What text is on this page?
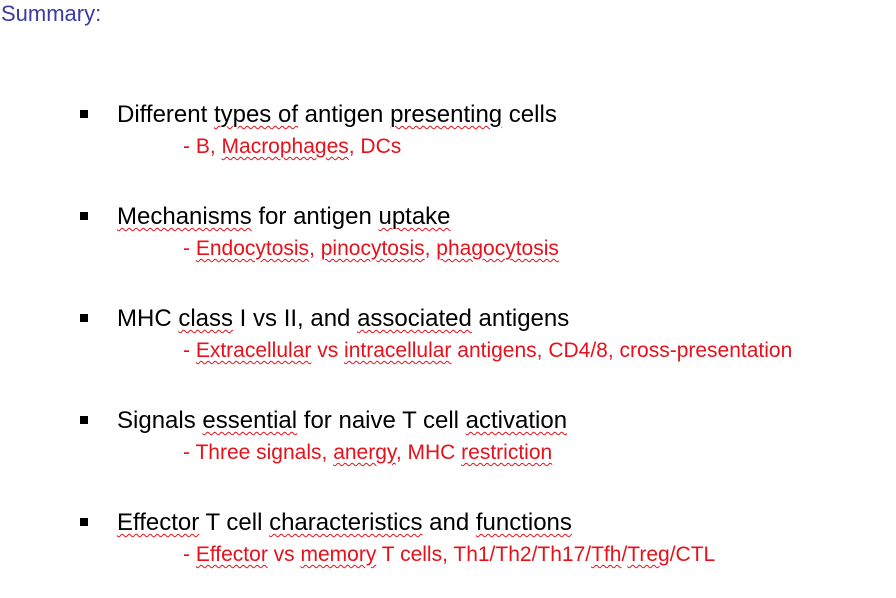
Summary:
Different types of antigen presenting cells
- B, Macrophages, DCs
Mechanisms for antigen uptake
- Endocytosis, pinocytosis, phagocytosis
MHC class I vs II, and associated antigens
- Extracellular vs intracellular antigens, CD4/8, cross-presentation
Signals essential for naive T cell activation
- Three signals, anergy, MHC restriction
Effector T cell characteristics and functions
- Effector vs memory T cells, Th1/Th2/Th17/Tfh/Treg/CTL
